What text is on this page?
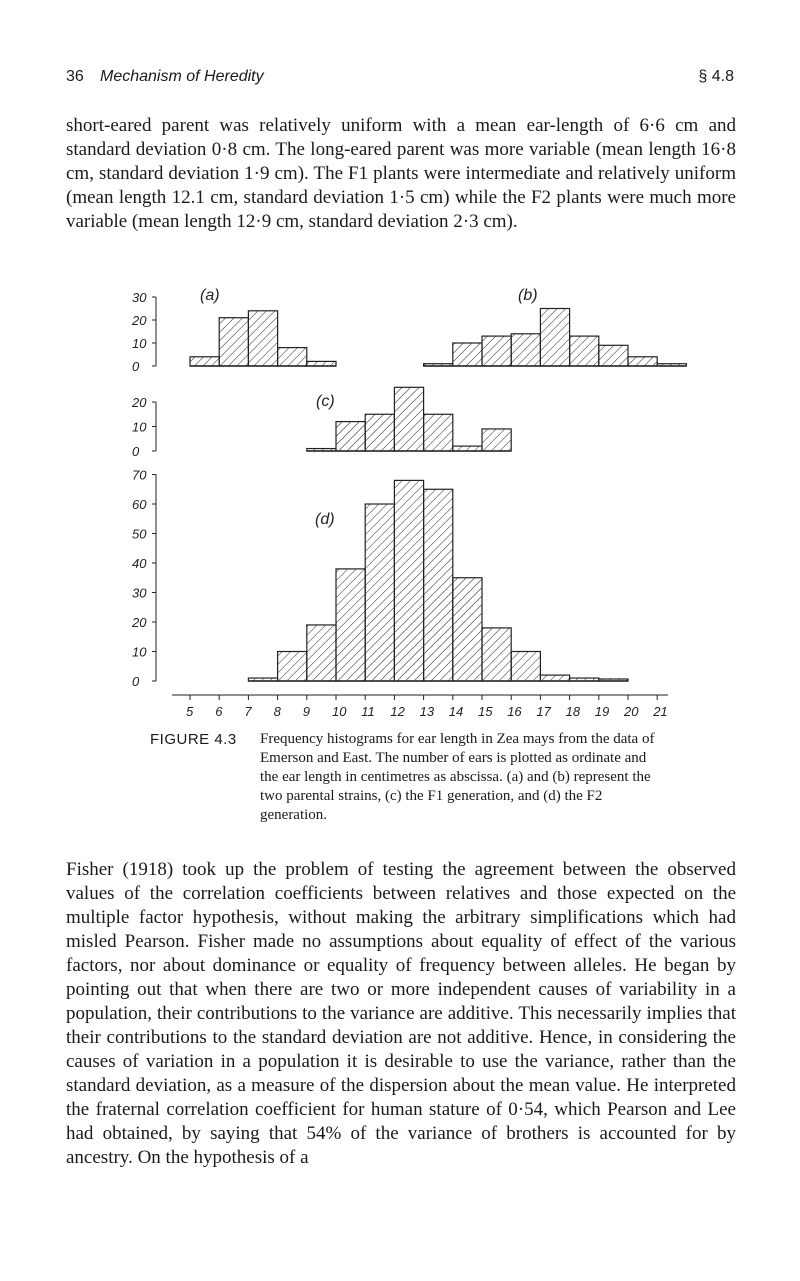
36 Mechanism of Heredity	§ 4.8

short-eared parent was relatively uniform with a mean ear-length of 6·6 cm and standard deviation 0·8 cm. The long-eared parent was more variable (mean length 16·8 cm, standard deviation 1·9 cm). The F1 plants were intermediate and relatively uniform (mean length 12.1 cm, standard deviation 1·5 cm) while the F2 plants were much more variable (mean length 12·9 cm, standard deviation 2·3 cm).

5 6 7 8 9 10 11 12 13 14 15 16 17 18 19 20 21
30
20
10
0
(a)	(b)
20
10
0
(c)
70
60
50
40
30
20
10
0
(d)
FIGURE 4.3 Frequency histograms for ear length in Zea mays from the data of Emerson and East. The number of ears is plotted as ordinate and the ear length in centimetres as abscissa. (a) and (b) represent the two parental strains, (c) the F1 generation, and (d) the F2 generation.

Fisher (1918) took up the problem of testing the agreement between the observed values of the correlation coefficients between relatives and those expected on the multiple factor hypothesis, without making the arbitrary simplifications which had misled Pearson. Fisher made no assumptions about equality of effect of the various factors, nor about dominance or equality of frequency between alleles. He began by pointing out that when there are two or more independent causes of variability in a population, their contributions to the variance are additive. This necessarily implies that their contributions to the standard deviation are not additive. Hence, in considering the causes of variation in a population it is desirable to use the variance, rather than the standard deviation, as a measure of the dispersion about the mean value. He interpreted the fraternal correlation coefficient for human stature of 0·54, which Pearson and Lee had obtained, by saying that 54% of the variance of brothers is accounted for by ancestry. On the hypothesis of a
